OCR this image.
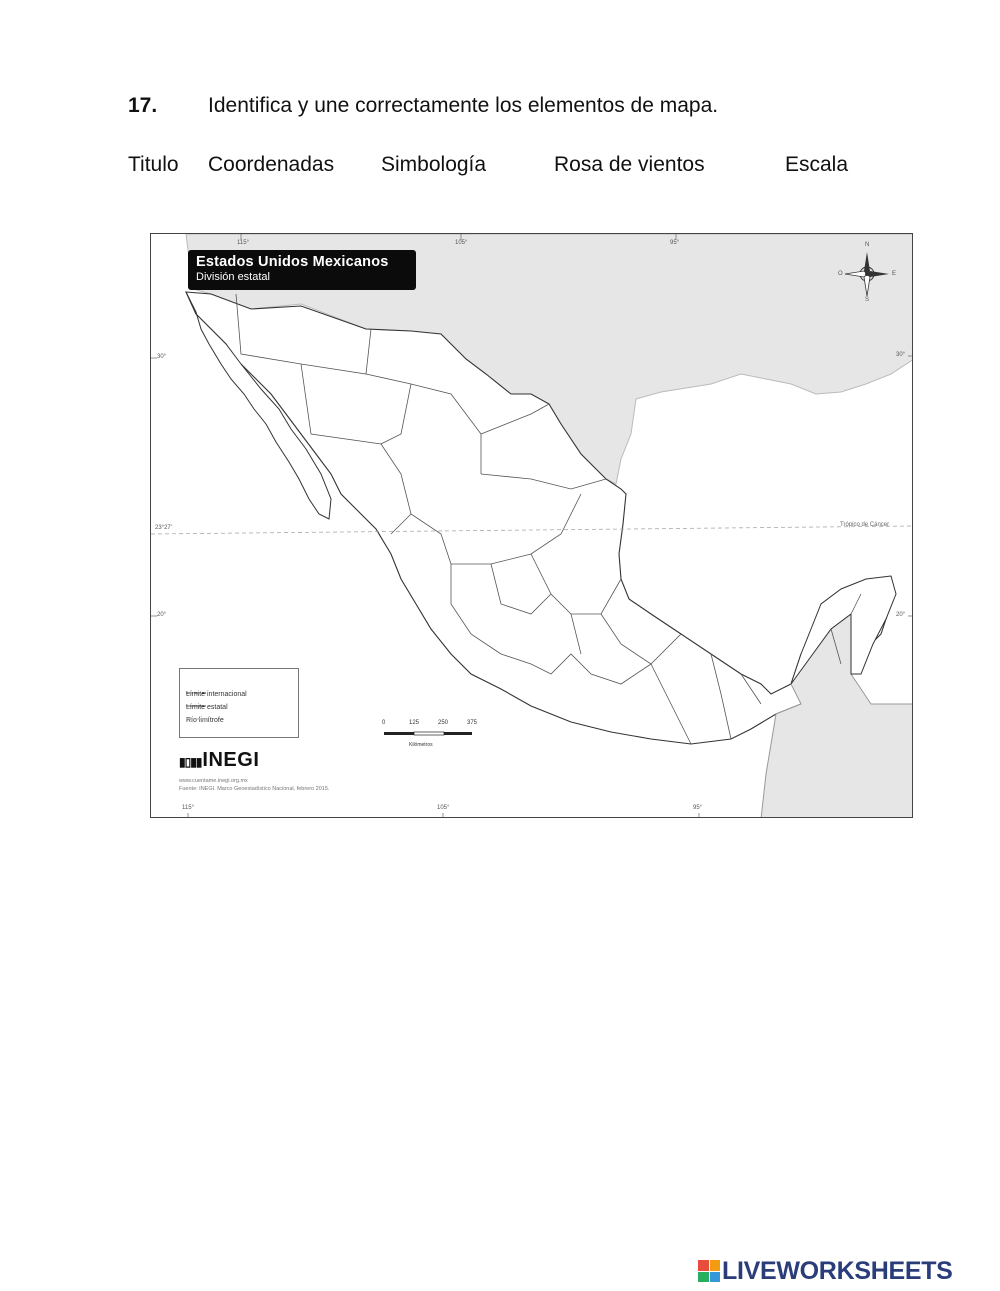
17. Identifica y une correctamente los elementos de mapa.
Titulo Coordenadas Simbología	Rosa de vientos	Escala
Estados Unidos Mexicanos
División estatal
115°	105°	95°
115°	105°	95°
30°
23°27'
20°
30°
20°
Trópico de Cáncer
N
S
E
O
Límite internacional
Límite estatal
Río limítrofe	0	125	250	375
Kilómetros
▮▯▮▮INEGI
www.cuentame.inegi.org.mx
Fuente: INEGI. Marco Geoestadístico Nacional, febrero 2015.
LIVEWORKSHEETS
